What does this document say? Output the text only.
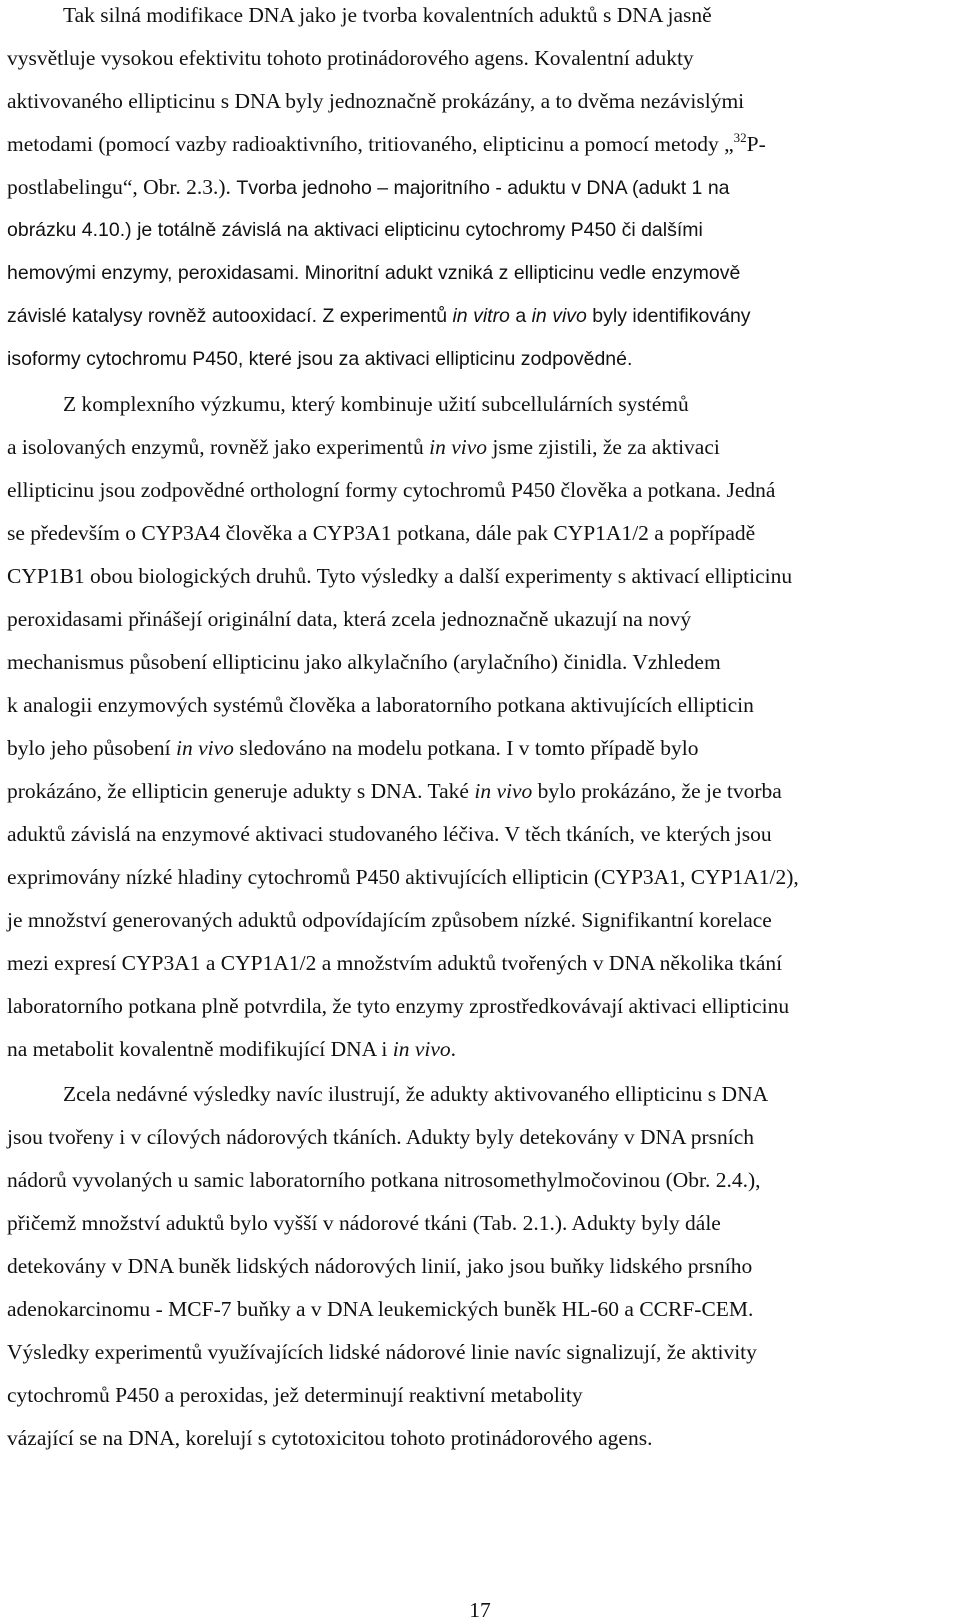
Tak silná modifikace DNA jako je tvorba kovalentních aduktů s DNA jasně
vysvětluje vysokou efektivitu tohoto protinádorového agens. Kovalentní adukty
aktivovaného ellipticinu s DNA byly jednoznačně prokázány, a to dvěma nezávislými
metodami (pomocí vazby radioaktivního, tritiovaného, elipticinu a pomocí metody „$^{32}$P-
postlabelingu“, Obr. 2.3.). Tvorba jednoho – majoritního - aduktu v DNA (adukt 1 na
obrázku 4.10.) je totálně závislá na aktivaci elipticinu cytochromy P450 či dalšími
hemovými enzymy, peroxidasami. Minoritní adukt vzniká z ellipticinu vedle enzymově
závislé katalysy rovněž autooxidací. Z experimentů in vitro a in vivo byly identifikovány
isoformy cytochromu P450, které jsou za aktivaci ellipticinu zodpovědné.
Z komplexního výzkumu, který kombinuje užití subcellulárních systémů
a isolovaných enzymů, rovněž jako experimentů in vivo jsme zjistili, že za aktivaci
ellipticinu jsou zodpovědné orthologní formy cytochromů P450 člověka a potkana. Jedná
se především o CYP3A4 člověka a CYP3A1 potkana, dále pak CYP1A1/2 a popřípadě
CYP1B1 obou biologických druhů. Tyto výsledky a další experimenty s aktivací ellipticinu
peroxidasami přinášejí originální data, která zcela jednoznačně ukazují na nový
mechanismus působení ellipticinu jako alkylačního (arylačního) činidla. Vzhledem
k analogii enzymových systémů člověka a laboratorního potkana aktivujících ellipticin
bylo jeho působení in vivo sledováno na modelu potkana. I v tomto případě bylo
prokázáno, že ellipticin generuje adukty s DNA. Také in vivo bylo prokázáno, že je tvorba
aduktů závislá na enzymové aktivaci studovaného léčiva. V těch tkáních, ve kterých jsou
exprimovány nízké hladiny cytochromů P450 aktivujících ellipticin (CYP3A1, CYP1A1/2),
je množství generovaných aduktů odpovídajícím způsobem nízké. Signifikantní korelace
mezi expresí CYP3A1 a CYP1A1/2 a množstvím aduktů tvořených v DNA několika tkání
laboratorního potkana plně potvrdila, že tyto enzymy zprostředkovávají aktivaci ellipticinu
na metabolit kovalentně modifikující DNA i in vivo.
Zcela nedávné výsledky navíc ilustrují, že adukty aktivovaného ellipticinu s DNA
jsou tvořeny i v cílových nádorových tkáních. Adukty byly detekovány v DNA prsních
nádorů vyvolaných u samic laboratorního potkana nitrosomethylmočovinou (Obr. 2.4.),
přičemž množství aduktů bylo vyšší v nádorové tkáni (Tab. 2.1.). Adukty byly dále
detekovány v DNA buněk lidských nádorových linií, jako jsou buňky lidského prsního
adenokarcinomu - MCF-7 buňky a v DNA leukemických buněk HL-60 a CCRF-CEM.
Výsledky experimentů využívajících lidské nádorové linie navíc signalizují, že aktivity
cytochromů P450 a peroxidas, jež determinují reaktivní metabolity
vázající se na DNA, korelují s cytotoxicitou tohoto protinádorového agens.
17
